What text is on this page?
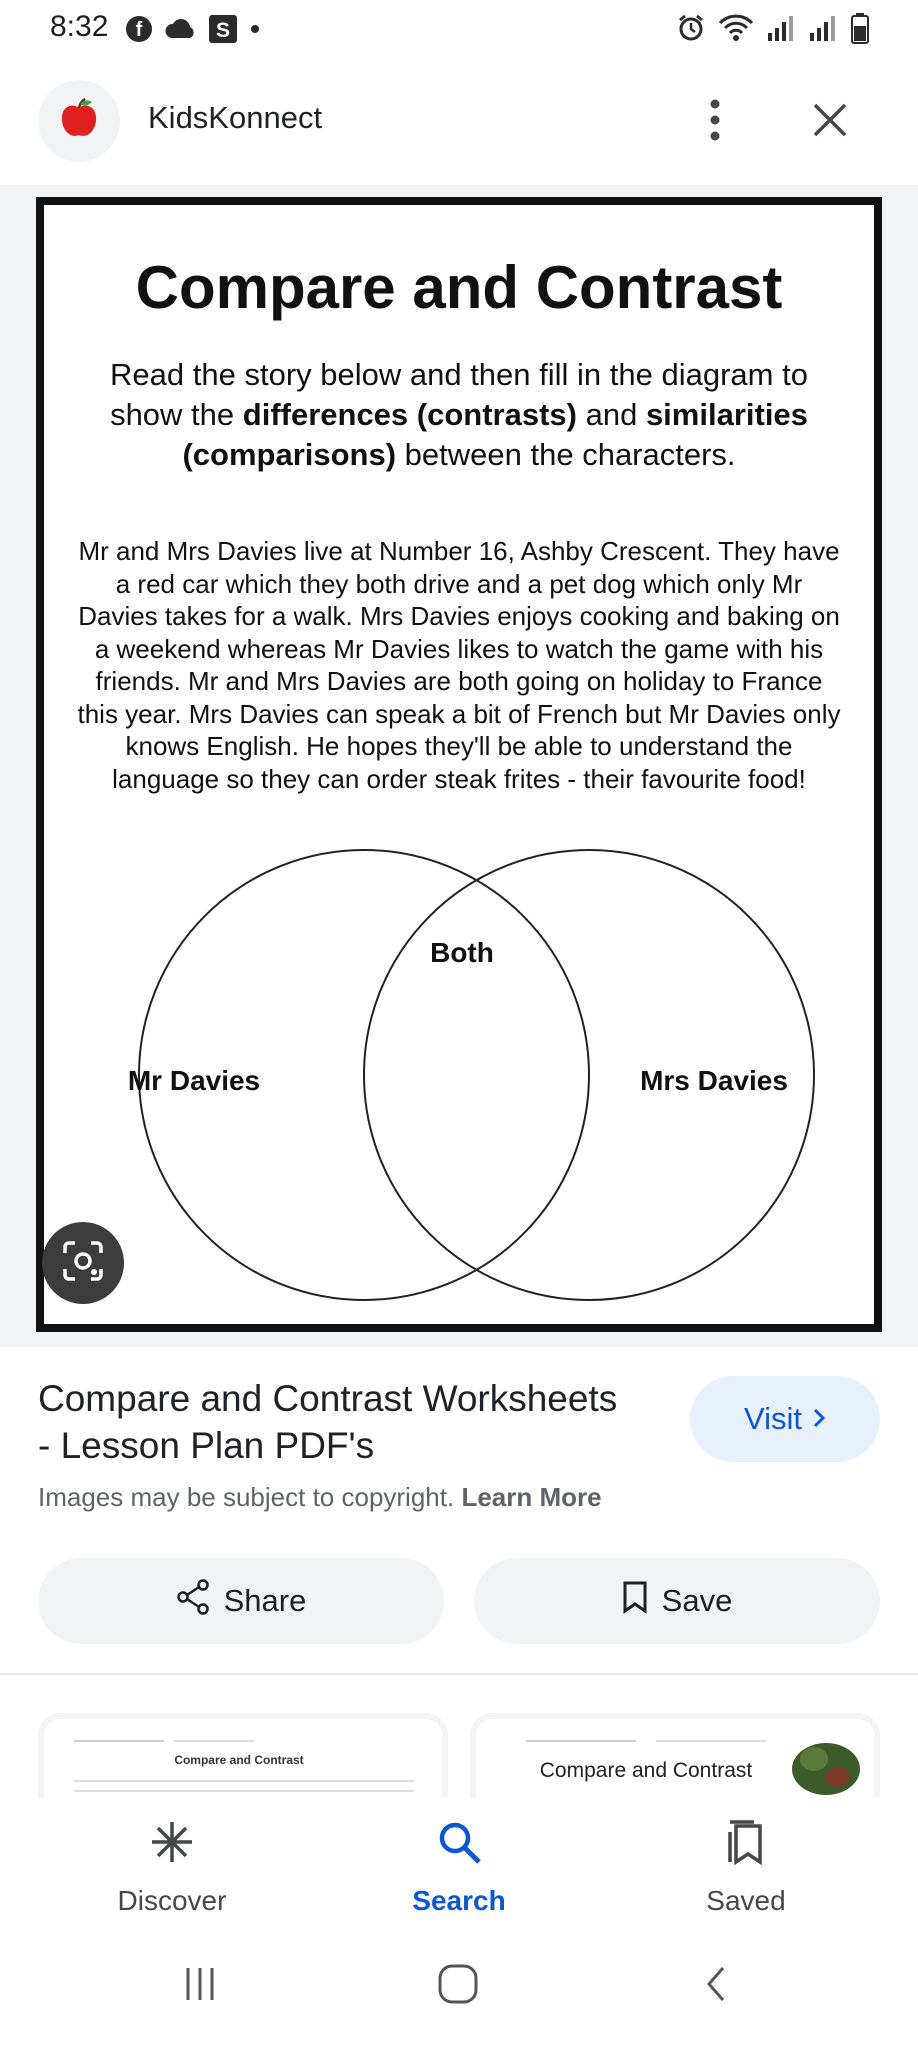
8:32 f	S
KidsKonnect
Compare and Contrast
Read the story below and then fill in the diagram to show the differences (contrasts) and similarities (comparisons) between the characters.
Mr and Mrs Davies live at Number 16, Ashby Crescent. They have a red car which they both drive and a pet dog which only Mr Davies takes for a walk. Mrs Davies enjoys cooking and baking on a weekend whereas Mr Davies likes to watch the game with his friends. Mr and Mrs Davies are both going on holiday to France this year. Mrs Davies can speak a bit of French but Mr Davies only knows English. He hopes they'll be able to understand the language so they can order steak frites - their favourite food!
Both
Mr Davies	Mrs Davies
Compare and Contrast Worksheets - Lesson Plan PDF's
Visit
Images may be subject to copyright. Learn More
Share	Save
Compare and Contrast	Compare and Contrast
Discover	Search	Saved
